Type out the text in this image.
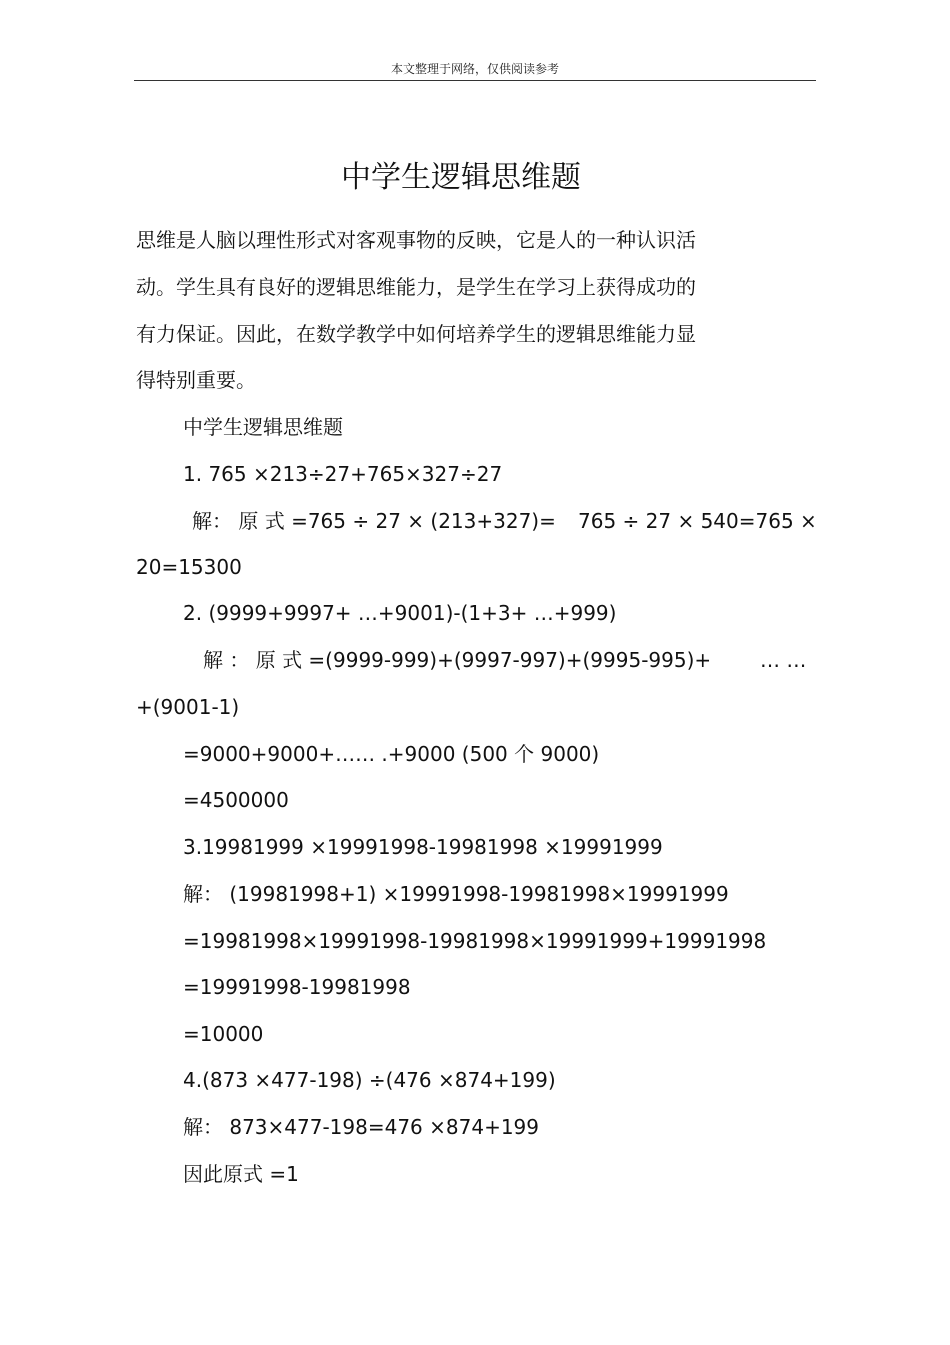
本文整理于网络，仅供阅读参考
中学生逻辑思维题
思维是人脑以理性形式对客观事物的反映，它是人的一种认识活
动。学生具有良好的逻辑思维能力，是学生在学习上获得成功的
有力保证。因此，在数学教学中如何培养学生的逻辑思维能力显
得特别重要。
中学生逻辑思维题
1. 765 ×213÷27+765×327÷27
解： 原 式 =765 ÷ 27 × (213+327)= 765 ÷ 27 × 540=765 ×
20=15300
2. (9999+9997+ …+9001)-(1+3+ …+999)
解 ： 原 式 =(9999-999)+(9997-997)+(9995-995)+ … …
+(9001-1)
=9000+9000+…… .+9000 (500 个 9000)
=4500000
3.19981999 ×19991998-19981998 ×19991999
解： (19981998+1) ×19991998-19981998×19991999
=19981998×19991998-19981998×19991999+19991998
=19991998-19981998
=10000
4.(873 ×477-198) ÷(476 ×874+199)
解： 873×477-198=476 ×874+199
因此原式 =1
